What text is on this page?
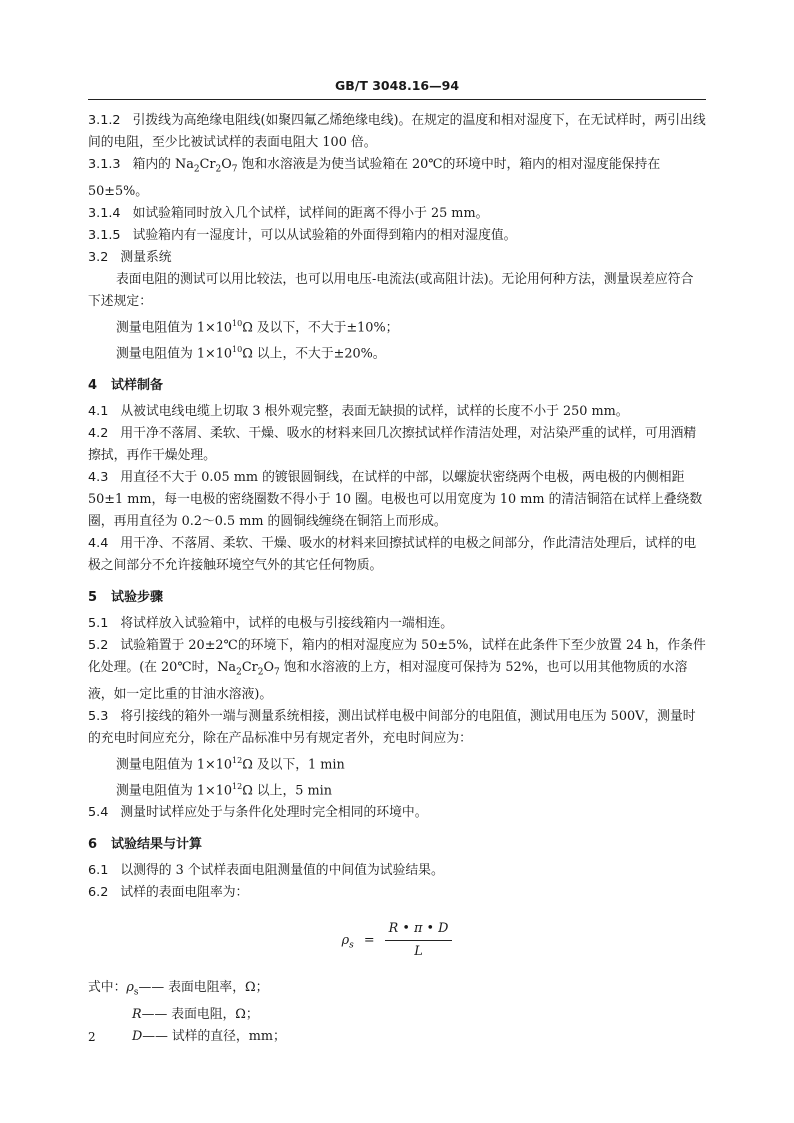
GB/T 3048.16—94

3.1.2 引拨线为高绝缘电阻线(如聚四氟乙烯绝缘电线)。在规定的温度和相对湿度下，在无试样时，两引出线间的电阻，至少比被试试样的表面电阻大 100 倍。

3.1.3 箱内的 $Na_2Cr_2O_7$ 饱和水溶液是为使当试验箱在 20℃的环境中时，箱内的相对湿度能保持在 50±5%。

3.1.4 如试验箱同时放入几个试样，试样间的距离不得小于 25 mm。

3.1.5 试验箱内有一湿度计，可以从试验箱的外面得到箱内的相对湿度值。

3.2 测量系统

表面电阻的测试可以用比较法，也可以用电压-电流法(或高阻计法)。无论用何种方法，测量误差应符合下述规定：

测量电阻值为 $1\times 10^{10}\Omega$ 及以下，不大于±10%；

测量电阻值为 $1\times 10^{10}\Omega$ 以上，不大于±20%。

4 试样制备

4.1 从被试电线电缆上切取 3 根外观完整，表面无缺损的试样，试样的长度不小于 250 mm。

4.2 用干净不落屑、柔软、干燥、吸水的材料来回几次擦拭试样作清洁处理，对沾染严重的试样，可用酒精擦拭，再作干燥处理。

4.3 用直径不大于 0.05 mm 的镀银圆铜线，在试样的中部，以螺旋状密绕两个电极，两电极的内侧相距 50±1 mm，每一电极的密绕圈数不得小于 10 圈。电极也可以用宽度为 10 mm 的清洁铜箔在试样上叠绕数圈，再用直径为 0.2～0.5 mm 的圆铜线缠绕在铜箔上而形成。

4.4 用干净、不落屑、柔软、干燥、吸水的材料来回擦拭试样的电极之间部分，作此清洁处理后，试样的电极之间部分不允许接触环境空气外的其它任何物质。

5 试验步骤

5.1 将试样放入试验箱中，试样的电极与引接线箱内一端相连。

5.2 试验箱置于 20±2℃的环境下，箱内的相对湿度应为 50±5%，试样在此条件下至少放置 24 h，作条件化处理。(在 20℃时，$Na_2Cr_2O_7$ 饱和水溶液的上方，相对湿度可保持为 52%，也可以用其他物质的水溶液，如一定比重的甘油水溶液)。

5.3 将引接线的箱外一端与测量系统相接，测出试样电极中间部分的电阻值，测试用电压为 500V，测量时的充电时间应充分，除在产品标准中另有规定者外，充电时间应为：

测量电阻值为 $1\times 10^{12}\Omega$ 及以下，1 min

测量电阻值为 $1\times 10^{12}\Omega$ 以上，5 min

5.4 测量时试样应处于与条件化处理时完全相同的环境中。

6 试验结果与计算

6.1 以测得的 3 个试样表面电阻测量值的中间值为试验结果。

6.2 试样的表面电阻率为：

$\rho_s = \frac{R • \pi • D}{L}$
式中：$\rho_s——$ 表面电阻率，Ω；
R—— 表面电阻，Ω；
D—— 试样的直径，mm；
2
